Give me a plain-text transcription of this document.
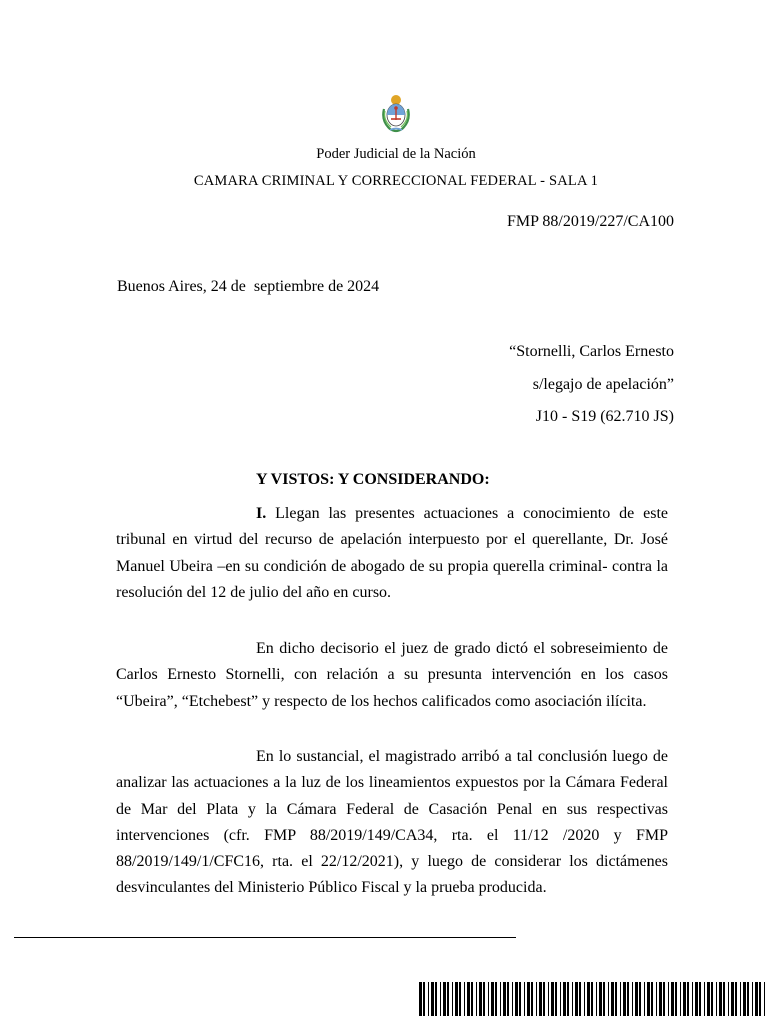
Poder Judicial de la Nación
CAMARA CRIMINAL Y CORRECCIONAL FEDERAL - SALA 1
FMP 88/2019/227/CA100
Buenos Aires, 24 de  septiembre de 2024
“Stornelli, Carlos Ernesto
s/legajo de apelación”
J10 - S19 (62.710 JS)
Y VISTOS: Y CONSIDERANDO:

I. Llegan las presentes actuaciones a conocimiento de este tribunal en virtud del recurso de apelación interpuesto por el querellante, Dr. José Manuel Ubeira –en su condición de abogado de su propia querella criminal- contra la resolución del 12 de julio del año en curso.

En dicho decisorio el juez de grado dictó el sobreseimiento de Carlos Ernesto Stornelli, con relación a su presunta intervención en los casos “Ubeira”, “Etchebest” y respecto de los hechos calificados como asociación ilícita.

En lo sustancial, el magistrado arribó a tal conclusión luego de analizar las actuaciones a la luz de los lineamientos expuestos por la Cámara Federal de Mar del Plata y la Cámara Federal de Casación Penal en sus respectivas intervenciones (cfr. FMP 88/2019/149/CA34, rta. el 11/12 /2020 y FMP 88/2019/149/1/CFC16, rta. el 22/12/2021), y luego de considerar los dictámenes desvinculantes del Ministerio Público Fiscal y la prueba producida.
